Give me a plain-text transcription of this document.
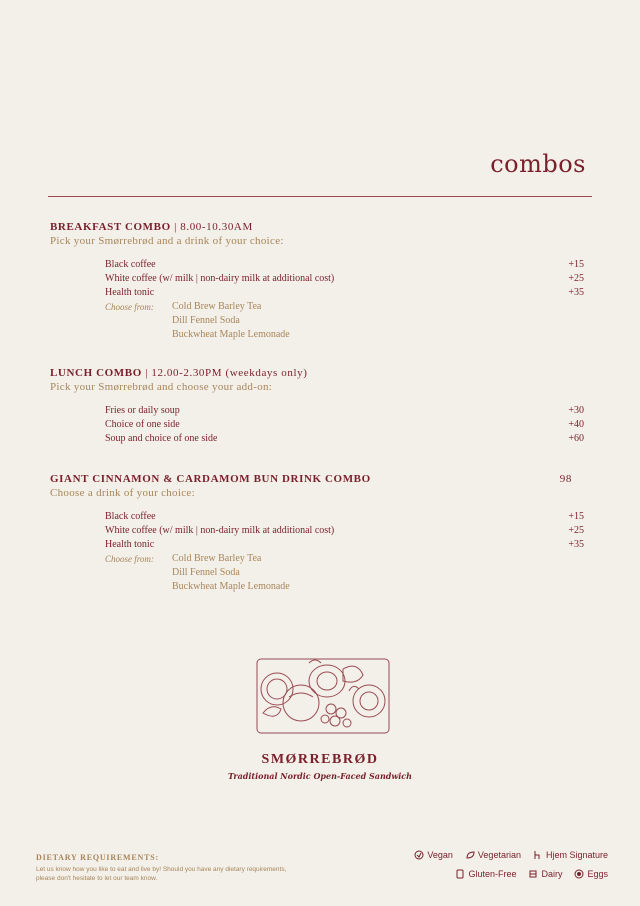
combos
BREAKFAST COMBO | 8.00-10.30AM
Pick your Smørrebrød and a drink of your choice:
Black coffee	+15
White coffee (w/ milk | non-dairy milk at additional cost)	+25
Health tonic	+35
Choose from:	Cold Brew Barley Tea
Dill Fennel Soda
Buckwheat Maple Lemonade
LUNCH COMBO | 12.00-2.30PM (weekdays only)
Pick your Smørrebrød and choose your add-on:
Fries or daily soup	+30
Choice of one side	+40
Soup and choice of one side	+60
GIANT CINNAMON & CARDAMOM BUN DRINK COMBO	98
Choose a drink of your choice:
Black coffee	+15
White coffee (w/ milk | non-dairy milk at additional cost)	+25
Health tonic	+35
Choose from:	Cold Brew Barley Tea
Dill Fennel Soda
Buckwheat Maple Lemonade
SMØRREBRØD
Traditional Nordic Open-Faced Sandwich
DIETARY REQUIREMENTS:
Let us know how you like to eat and live by! Should you have any dietary requirements,
please don't hesitate to let our team know.
Vegan	Vegetarian	Hjem Signature
Gluten-Free	Dairy	Eggs
